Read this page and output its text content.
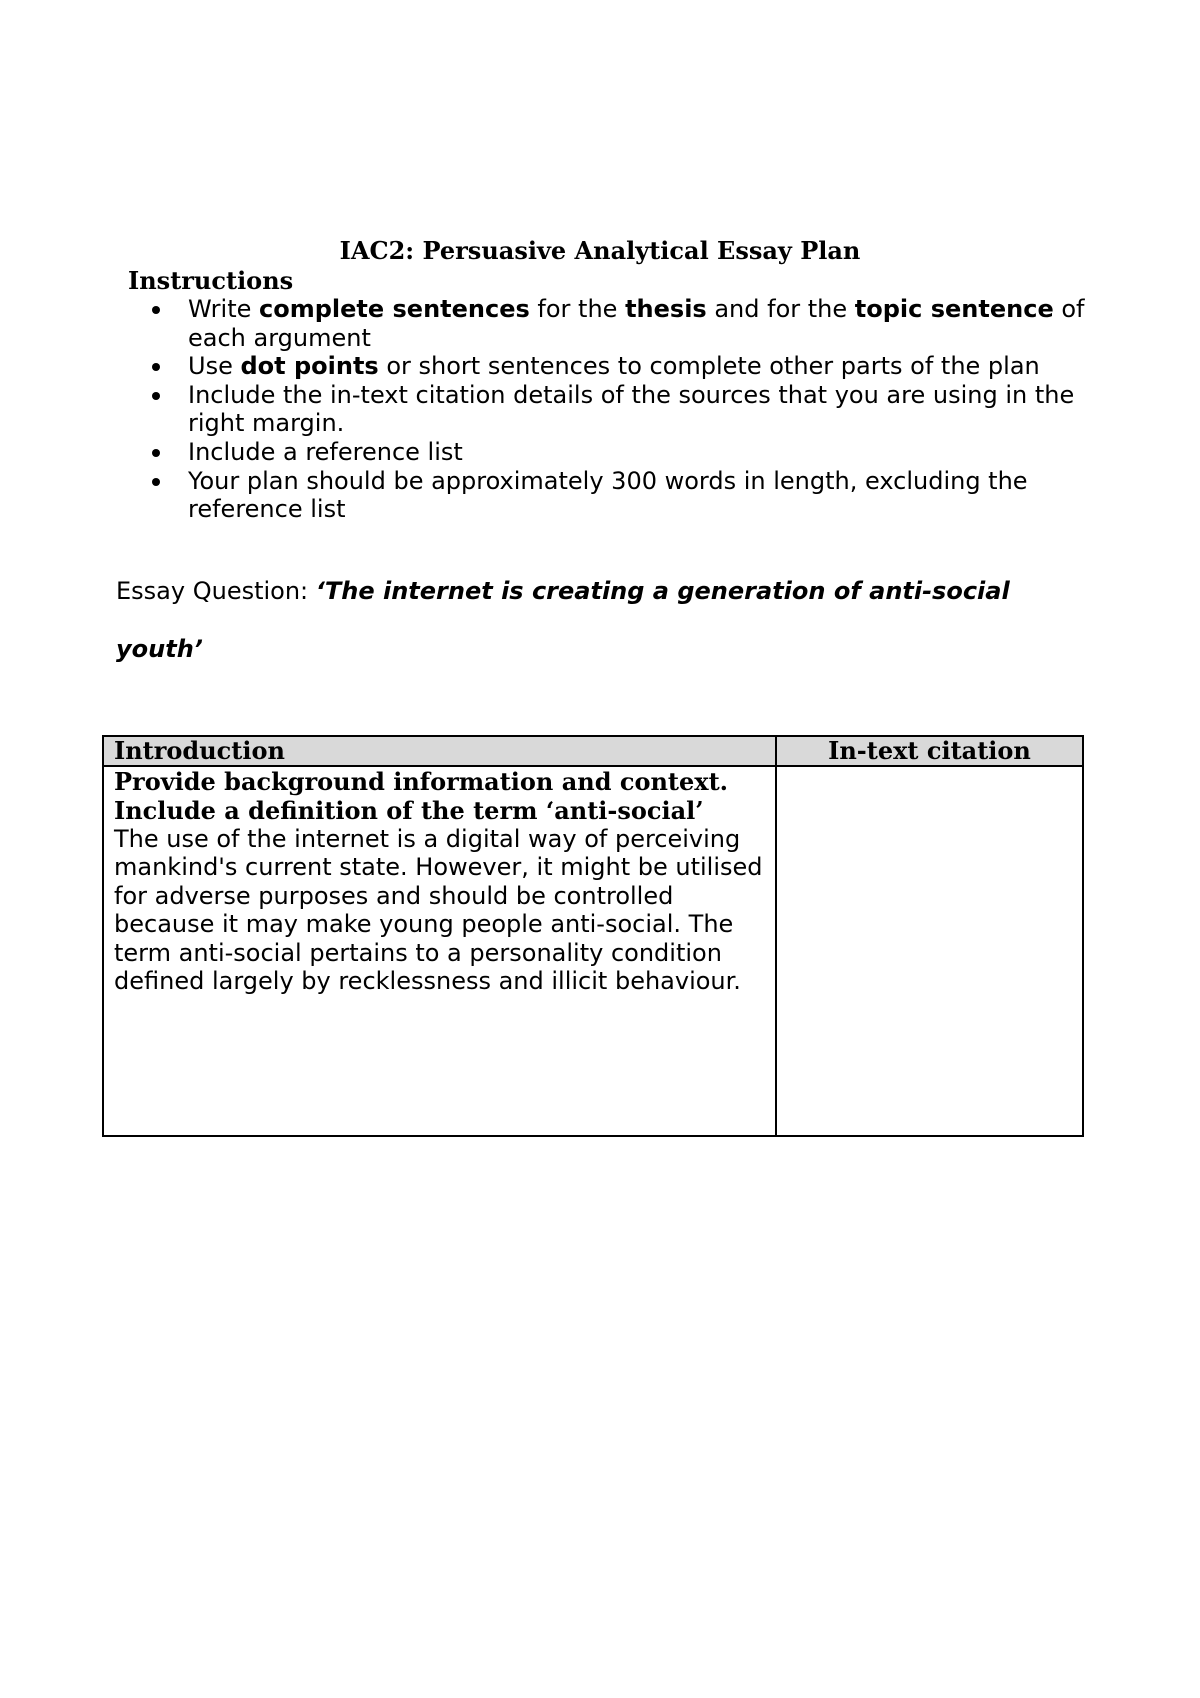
IAC2: Persuasive Analytical Essay Plan
Instructions
Write complete sentences for the thesis and for the topic sentence of each argument
Use dot points or short sentences to complete other parts of the plan
Include the in-text citation details of the sources that you are using in the right margin.
Include a reference list
Your plan should be approximately 300 words in length, excluding the reference list

Essay Question: ‘The internet is creating a generation of anti-social youth’

Introduction	In-text citation

Provide background information and context.
Include a definition of the term ‘anti-social’
The use of the internet is a digital way of perceiving mankind's current state. However, it might be utilised for adverse purposes and should be controlled because it may make young people anti-social. The term anti-social pertains to a personality condition defined largely by recklessness and illicit behaviour.	
